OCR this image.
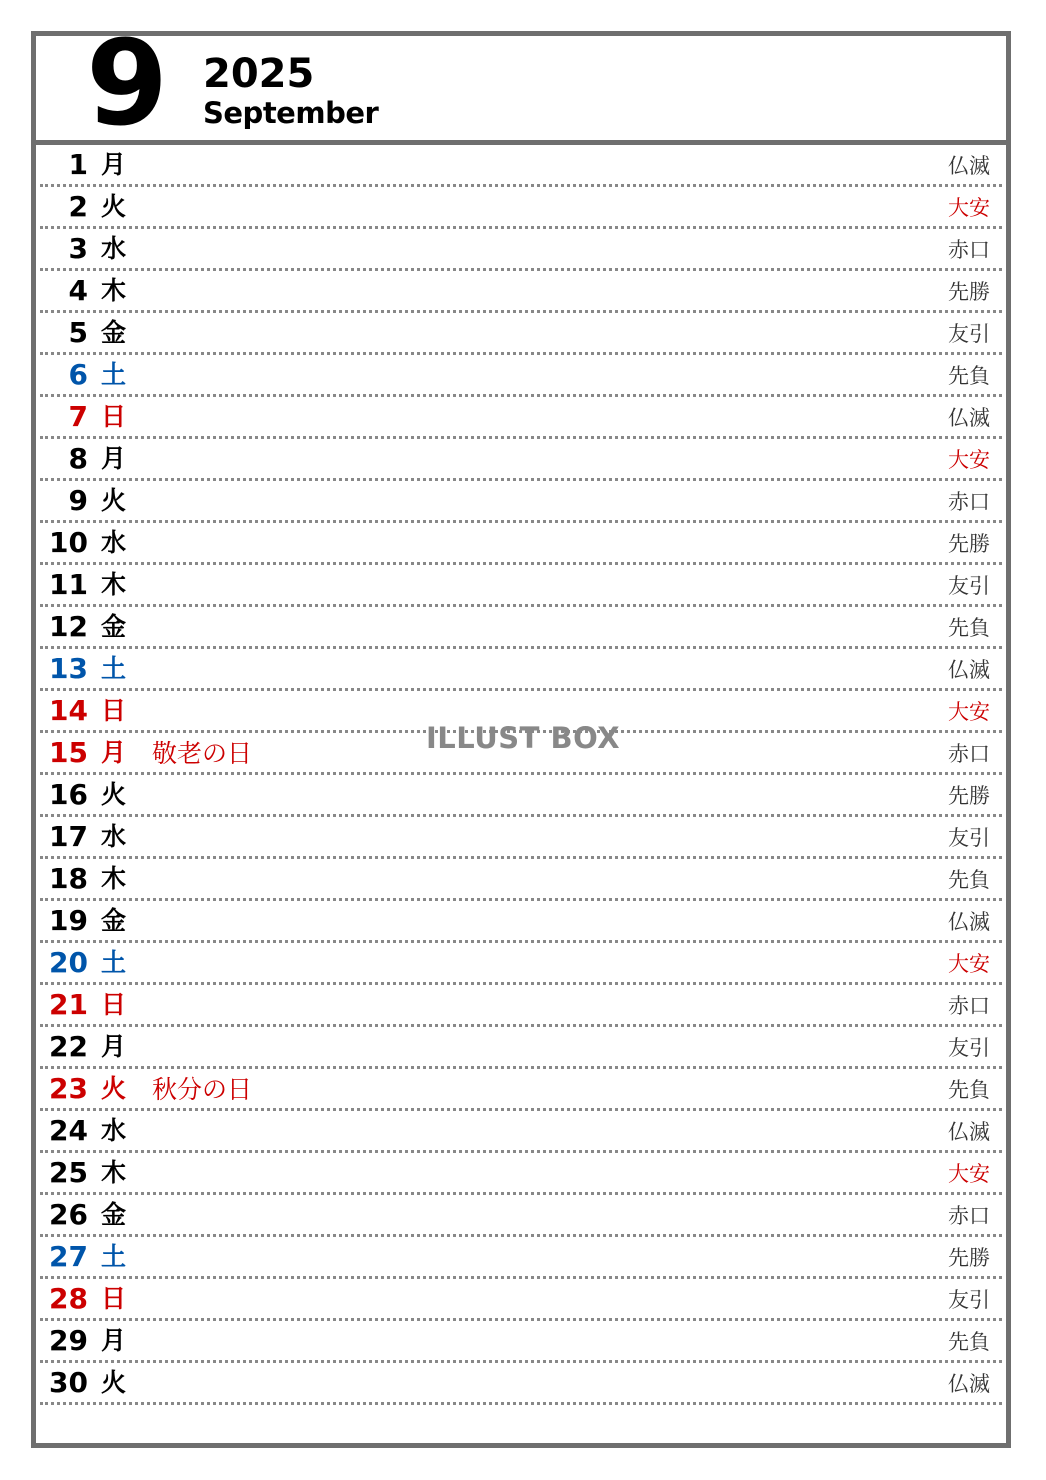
9 2025
September
1 月	仏滅
2 火	大安
3 水	赤口
4 木	先勝
5 金	友引
6 土	先負
7 日	仏滅
8 月	大安
9 火	赤口
10 水	先勝
11 木	友引
12 金	先負
13 土	仏滅
14 日	大安
15 月 敬老の日	赤口
16 火	先勝
17 水	友引
18 木	先負
19 金	仏滅
20 土	大安
21 日	赤口
22 月	友引
23 火 秋分の日	先負
24 水	仏滅
25 木	大安
26 金	赤口
27 土	先勝
28 日	友引
29 月	先負
30 火	仏滅
ILLUST BOX
